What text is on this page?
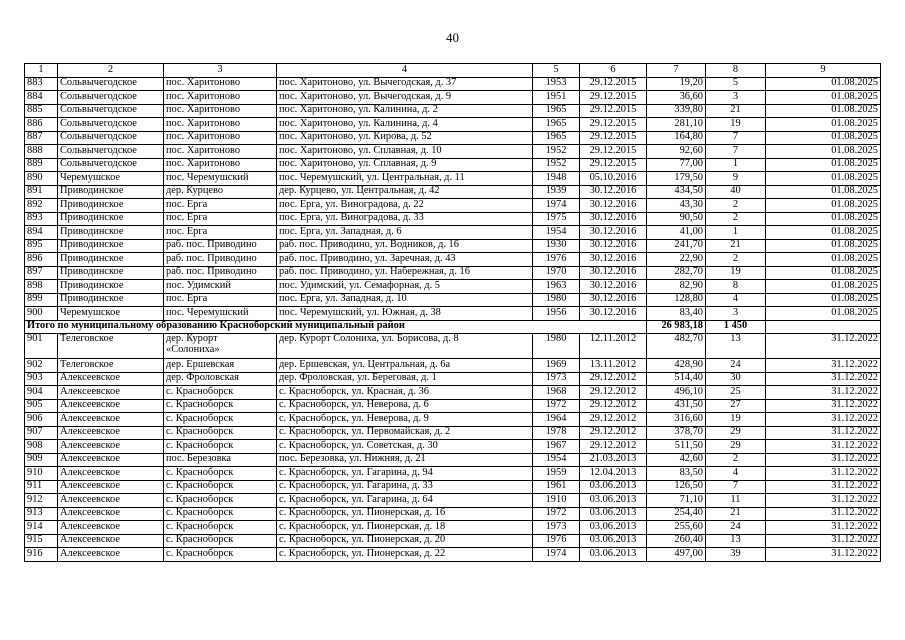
40
1	2	3	4	5	6	7	8	9
883	Сольвычегодское	пос. Харитоново	пос. Харитоново, ул. Вычегодская, д. 37	1953	29.12.2015	19,20	5	01.08.2025
884	Сольвычегодское	пос. Харитоново	пос. Харитоново, ул. Вычегодская, д. 9	1951	29.12.2015	36,60	3	01.08.2025
885	Сольвычегодское	пос. Харитоново	пос. Харитоново, ул. Калинина, д. 2	1965	29.12.2015	339,80	21	01.08.2025
886	Сольвычегодское	пос. Харитоново	пос. Харитоново, ул. Калинина, д. 4	1965	29.12.2015	281,10	19	01.08.2025
887	Сольвычегодское	пос. Харитоново	пос. Харитоново, ул. Кирова, д. 52	1965	29.12.2015	164,80	7	01.08.2025
888	Сольвычегодское	пос. Харитоново	пос. Харитоново, ул. Сплавная, д. 10	1952	29.12.2015	92,60	7	01.08.2025
889	Сольвычегодское	пос. Харитоново	пос. Харитоново, ул. Сплавная, д. 9	1952	29.12.2015	77,00	1	01.08.2025
890	Черемушское	пос. Черемушский	пос. Черемушский, ул. Центральная, д. 11	1948	05.10.2016	179,50	9	01.08.2025
891	Приводинское	дер. Курцево	дер. Курцево, ул. Центральная, д. 42	1939	30.12.2016	434,50	40	01.08.2025
892	Приводинское	пос. Ерга	пос. Ерга, ул. Виноградова, д. 22	1974	30.12.2016	43,30	2	01.08.2025
893	Приводинское	пос. Ерга	пос. Ерга, ул. Виноградова, д. 33	1975	30.12.2016	90,50	2	01.08.2025
894	Приводинское	пос. Ерга	пос. Ерга, ул. Западная, д. 6	1954	30.12.2016	41,00	1	01.08.2025
895	Приводинское	раб. пос. Приводино	раб. пос. Приводино, ул. Водников, д. 16	1930	30.12.2016	241,70	21	01.08.2025
896	Приводинское	раб. пос. Приводино	раб. пос. Приводино, ул. Заречная, д. 43	1976	30.12.2016	22,90	2	01.08.2025
897	Приводинское	раб. пос. Приводино	раб. пос. Приводино, ул. Набережная, д. 16	1970	30.12.2016	282,70	19	01.08.2025
898	Приводинское	пос. Удимский	пос. Удимский, ул. Семафорная, д. 5	1963	30.12.2016	82,90	8	01.08.2025
899	Приводинское	пос. Ерга	пос. Ерга, ул. Западная, д. 10	1980	30.12.2016	128,80	4	01.08.2025
900	Черемушское	пос. Черемушский	пос. Черемушский, ул. Южная, д. 38	1956	30.12.2016	83,40	3	01.08.2025
Итого по муниципальному образованию Красноборский муниципальный район						26 983,18	1 450	
901	Телеговское	дер. Курорт
«Солониха»	дер. Курорт Солониха, ул. Борисова, д. 8	1980	12.11.2012	482,70	13	31.12.2022
902	Телеговское	дер. Ершевская	дер. Ершевская, ул. Центральная, д. 6а	1969	13.11.2012	428,90	24	31.12.2022
903	Алексеевское	дер. Фроловская	дер. Фроловская, ул. Береговая, д. 1	1973	29.12.2012	514,40	30	31.12.2022
904	Алексеевское	с. Красноборск	с. Красноборск, ул. Красная, д. 36	1968	29.12.2012	496,10	25	31.12.2022
905	Алексеевское	с. Красноборск	с. Красноборск, ул. Неверова, д. 6	1972	29.12.2012	431,50	27	31.12.2022
906	Алексеевское	с. Красноборск	с. Красноборск, ул. Неверова, д. 9	1964	29.12.2012	316,60	19	31.12.2022
907	Алексеевское	с. Красноборск	с. Красноборск, ул. Первомайская, д. 2	1978	29.12.2012	378,70	29	31.12.2022
908	Алексеевское	с. Красноборск	с. Красноборск, ул. Советская, д. 30	1967	29.12.2012	511,50	29	31.12.2022
909	Алексеевское	пос. Березовка	пос. Березовка, ул. Нижняя, д. 21	1954	21.03.2013	42,60	2	31.12.2022
910	Алексеевское	с. Красноборск	с. Красноборск, ул. Гагарина, д. 94	1959	12.04.2013	83,50	4	31.12.2022
911	Алексеевское	с. Красноборск	с. Красноборск, ул. Гагарина, д. 33	1961	03.06.2013	126,50	7	31.12.2022
912	Алексеевское	с. Красноборск	с. Красноборск, ул. Гагарина, д. 64	1910	03.06.2013	71,10	11	31.12.2022
913	Алексеевское	с. Красноборск	с. Красноборск, ул. Пионерская, д. 16	1972	03.06.2013	254,40	21	31.12.2022
914	Алексеевское	с. Красноборск	с. Красноборск, ул. Пионерская, д. 18	1973	03.06.2013	255,60	24	31.12.2022
915	Алексеевское	с. Красноборск	с. Красноборск, ул. Пионерская, д. 20	1976	03.06.2013	260,40	13	31.12.2022
916	Алексеевское	с. Красноборск	с. Красноборск, ул. Пионерская, д. 22	1974	03.06.2013	497,00	39	31.12.2022
